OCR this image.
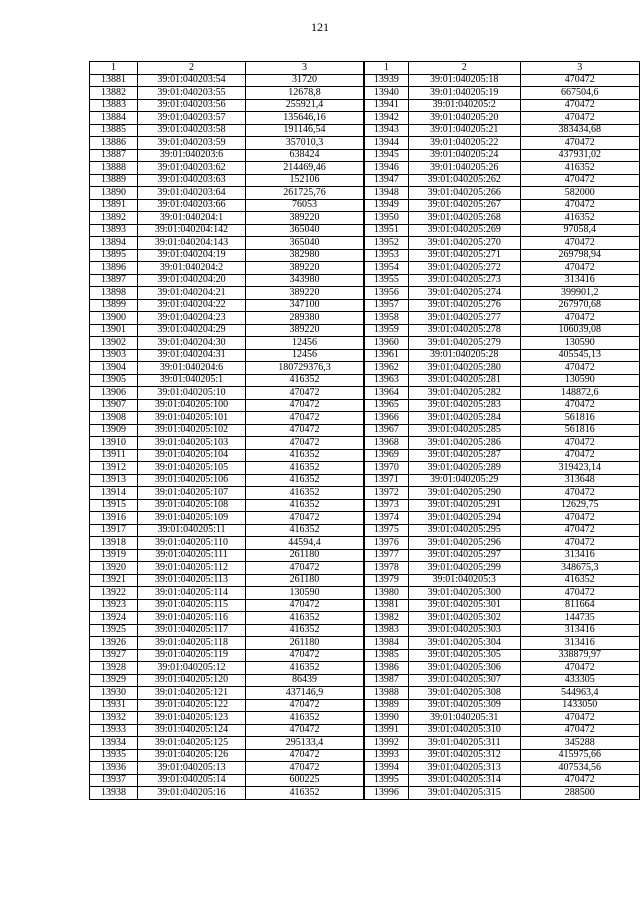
121
1	2	3
13881	39:01:040203:54	31720
13882	39:01:040203:55	12678,8
13883	39:01:040203:56	255921,4
13884	39:01:040203:57	135646,16
13885	39:01:040203:58	191146,54
13886	39:01:040203:59	357010,3
13887	39:01:040203:6	638424
13888	39:01:040203:62	214469,46
13889	39:01:040203:63	152106
13890	39:01:040203:64	261725,76
13891	39:01:040203:66	76053
13892	39:01:040204:1	389220
13893	39:01:040204:142	365040
13894	39:01:040204:143	365040
13895	39:01:040204:19	382980
13896	39:01:040204:2	389220
13897	39:01:040204:20	343980
13898	39:01:040204:21	389220
13899	39:01:040204:22	347100
13900	39:01:040204:23	289380
13901	39:01:040204:29	389220
13902	39:01:040204:30	12456
13903	39:01:040204:31	12456
13904	39:01:040204:6	180729376,3
13905	39:01:040205:1	416352
13906	39:01:040205:10	470472
13907	39:01:040205:100	470472
13908	39:01:040205:101	470472
13909	39:01:040205:102	470472
13910	39:01:040205:103	470472
13911	39:01:040205:104	416352
13912	39:01:040205:105	416352
13913	39:01:040205:106	416352
13914	39:01:040205:107	416352
13915	39:01:040205:108	416352
13916	39:01:040205:109	470472
13917	39:01:040205:11	416352
13918	39:01:040205:110	44594,4
13919	39:01:040205:111	261180
13920	39:01:040205:112	470472
13921	39:01:040205:113	261180
13922	39:01:040205:114	130590
13923	39:01:040205:115	470472
13924	39:01:040205:116	416352
13925	39:01:040205:117	416352
13926	39:01:040205:118	261180
13927	39:01:040205:119	470472
13928	39:01:040205:12	416352
13929	39:01:040205:120	86439
13930	39:01:040205:121	437146,9
13931	39:01:040205:122	470472
13932	39:01:040205:123	416352
13933	39:01:040205:124	470472
13934	39:01:040205:125	295133,4
13935	39:01:040205:126	470472
13936	39:01:040205:13	470472
13937	39:01:040205:14	600225
13938	39:01:040205:16	416352
1	2	3
13939	39:01:040205:18	470472
13940	39:01:040205:19	667504,6
13941	39:01:040205:2	470472
13942	39:01:040205:20	470472
13943	39:01:040205:21	383434,68
13944	39:01:040205:22	470472
13945	39:01:040205:24	437931,02
13946	39:01:040205:26	416352
13947	39:01:040205:262	470472
13948	39:01:040205:266	582000
13949	39:01:040205:267	470472
13950	39:01:040205:268	416352
13951	39:01:040205:269	97058,4
13952	39:01:040205:270	470472
13953	39:01:040205:271	269798,94
13954	39:01:040205:272	470472
13955	39:01:040205:273	313416
13956	39:01:040205:274	399901,2
13957	39:01:040205:276	267970,68
13958	39:01:040205:277	470472
13959	39:01:040205:278	106039,08
13960	39:01:040205:279	130590
13961	39:01:040205:28	405545,13
13962	39:01:040205:280	470472
13963	39:01:040205:281	130590
13964	39:01:040205:282	148872,6
13965	39:01:040205:283	470472
13966	39:01:040205:284	561816
13967	39:01:040205:285	561816
13968	39:01:040205:286	470472
13969	39:01:040205:287	470472
13970	39:01:040205:289	319423,14
13971	39:01:040205:29	313648
13972	39:01:040205:290	470472
13973	39:01:040205:291	12629,75
13974	39:01:040205:294	470472
13975	39:01:040205:295	470472
13976	39:01:040205:296	470472
13977	39:01:040205:297	313416
13978	39:01:040205:299	348675,3
13979	39:01:040205:3	416352
13980	39:01:040205:300	470472
13981	39:01:040205:301	811664
13982	39:01:040205:302	144735
13983	39:01:040205:303	313416
13984	39:01:040205:304	313416
13985	39:01:040205:305	338879,97
13986	39:01:040205:306	470472
13987	39:01:040205:307	433305
13988	39:01:040205:308	544963,4
13989	39:01:040205:309	1433050
13990	39:01:040205:31	470472
13991	39:01:040205:310	470472
13992	39:01:040205:311	345288
13993	39:01:040205:312	415975,66
13994	39:01:040205:313	407534,56
13995	39:01:040205:314	470472
13996	39:01:040205:315	288500
